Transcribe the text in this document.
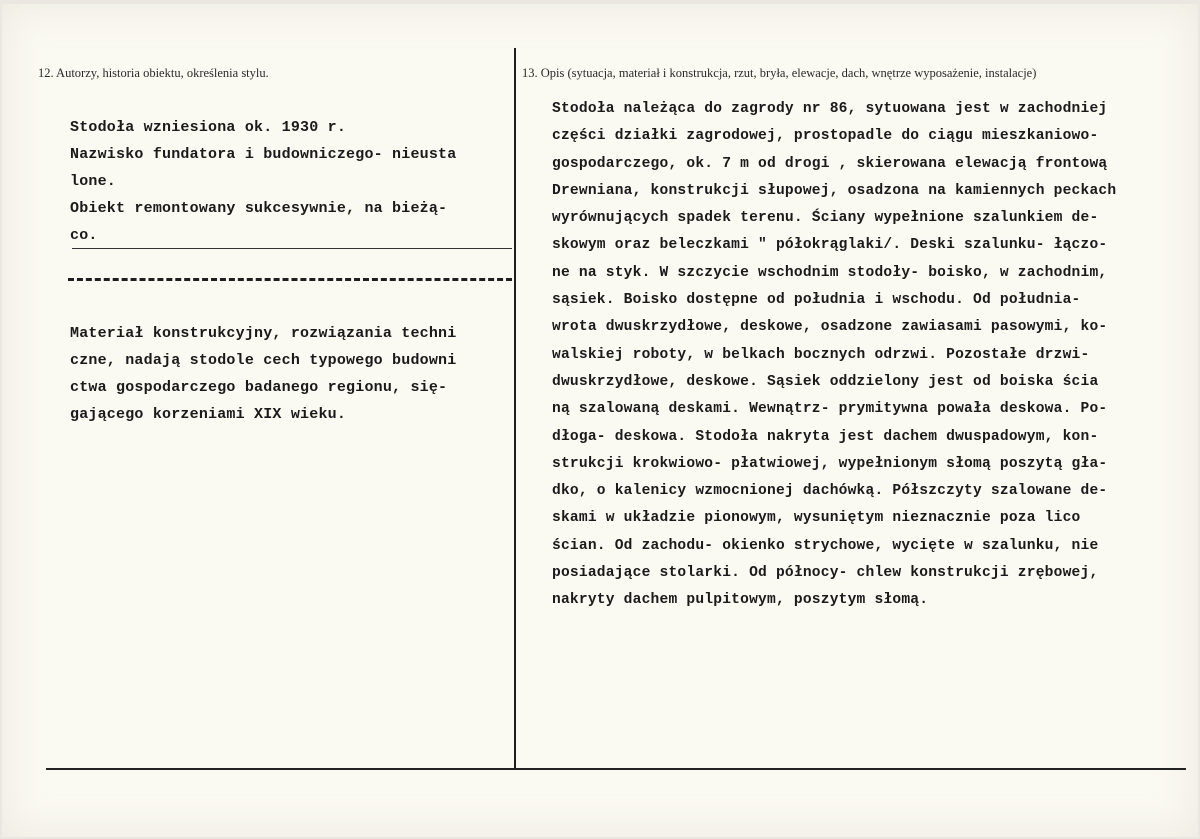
12. Autorzy, historia obiektu, określenia stylu.	13. Opis (sytuacja, materiał i konstrukcja, rzut, bryła, elewacje, dach, wnętrze wyposażenie, instalacje)
Stodoła wzniesiona ok. 1930 r.
Nazwisko fundatora i budowniczego- nieusta
lone.
Obiekt remontowany sukcesywnie, na bieżą-
co.
Materiał konstrukcyjny, rozwiązania techni
czne, nadają stodole cech typowego budowni
ctwa gospodarczego badanego regionu, się-
gającego korzeniami XIX wieku.
Stodoła należąca do zagrody nr 86, sytuowana jest w zachodniej
części działki zagrodowej, prostopadle do ciągu mieszkaniowo-
gospodarczego, ok. 7 m od drogi , skierowana elewacją frontową
Drewniana, konstrukcji słupowej, osadzona na kamiennych peckach
wyrównujących spadek terenu. Ściany wypełnione szalunkiem de-
skowym oraz beleczkami " półokrąglaki/. Deski szalunku- łączo-
ne na styk. W szczycie wschodnim stodoły- boisko, w zachodnim,
sąsiek. Boisko dostępne od południa i wschodu. Od południa-
wrota dwuskrzydłowe, deskowe, osadzone zawiasami pasowymi, ko-
walskiej roboty, w belkach bocznych odrzwi. Pozostałe drzwi-
dwuskrzydłowe, deskowe. Sąsiek oddzielony jest od boiska ścia
ną szalowaną deskami. Wewnątrz- prymitywna powała deskowa. Po-
dłoga- deskowa. Stodoła nakryta jest dachem dwuspadowym, kon-
strukcji krokwiowo- płatwiowej, wypełnionym słomą poszytą gła-
dko, o kalenicy wzmocnionej dachówką. Półszczyty szalowane de-
skami w układzie pionowym, wysuniętym nieznacznie poza lico
ścian. Od zachodu- okienko strychowe, wycięte w szalunku, nie
posiadające stolarki. Od północy- chlew konstrukcji zrębowej,
nakryty dachem pulpitowym, poszytym słomą.
